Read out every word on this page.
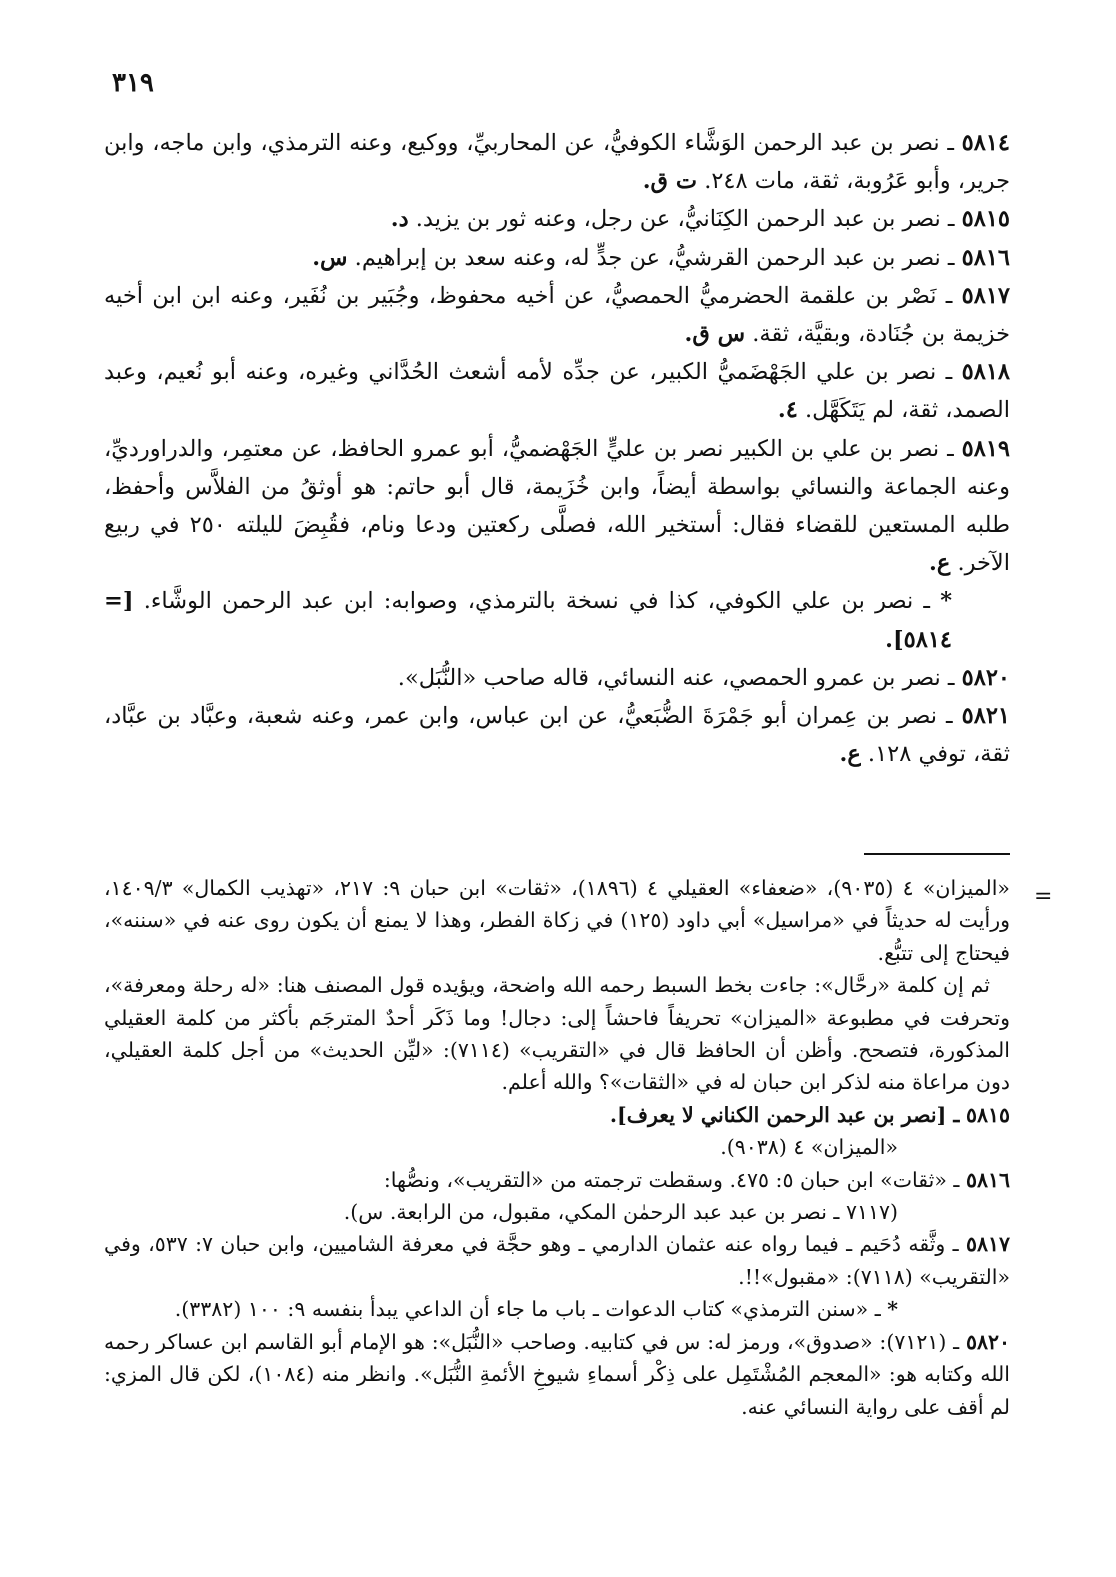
٣١٩
٥٨١٤ ـ نصر بن عبد الرحمن الوَشَّاء الكوفيُّ، عن المحاربيِّ، ووكيع، وعنه الترمذي، وابن ماجه، وابن جرير، وأبو عَرُوبة، ثقة، مات ٢٤٨. ت ق.
٥٨١٥ ـ نصر بن عبد الرحمن الكِنَانيُّ، عن رجل، وعنه ثور بن يزيد. د.
٥٨١٦ ـ نصر بن عبد الرحمن القرشيُّ، عن جدٍّ له، وعنه سعد بن إبراهيم. س.
٥٨١٧ ـ نَصْر بن علقمة الحضرميُّ الحمصيُّ، عن أخيه محفوظ، وجُبَير بن نُفَير، وعنه ابن ابن أخيه خزيمة بن جُنَادة، وبقيَّة، ثقة. س ق.
٥٨١٨ ـ نصر بن علي الجَهْضَميُّ الكبير، عن جدِّه لأمه أشعث الحُدَّاني وغيره، وعنه أبو نُعيم، وعبد الصمد، ثقة، لم يَتَكَهَّل. ٤.
٥٨١٩ ـ نصر بن علي بن الكبير نصر بن عليٍّ الجَهْضميُّ، أبو عمرو الحافظ، عن معتمِر، والدراورديِّ، وعنه الجماعة والنسائي بواسطة أيضاً، وابن خُزَيمة، قال أبو حاتم: هو أوثقُ من الفلاَّس وأحفظ، طلبه المستعين للقضاء فقال: أستخير الله، فصلَّى ركعتين ودعا ونام، فقُبِضَ لليلته ٢٥٠ في ربيع الآخر. ع.
* ـ نصر بن علي الكوفي، كذا في نسخة بالترمذي، وصوابه: ابن عبد الرحمن الوشَّاء. [= ٥٨١٤].
٥٨٢٠ ـ نصر بن عمرو الحمصي، عنه النسائي، قاله صاحب «النُّبَل».
٥٨٢١ ـ نصر بن عِمران أبو جَمْرَةَ الضُّبَعيُّ، عن ابن عباس، وابن عمر، وعنه شعبة، وعبَّاد بن عبَّاد، ثقة، توفي ١٢٨. ع.
=
«الميزان» ٤ (٩٠٣٥)، «ضعفاء» العقيلي ٤ (١٨٩٦)، «ثقات» ابن حبان ٩: ٢١٧، «تهذيب الكمال» ١٤٠٩/٣، ورأيت له حديثاً في «مراسيل» أبي داود (١٢٥) في زكاة الفطر، وهذا لا يمنع أن يكون روى عنه في «سننه»، فيحتاج إلى تتبُّع.
ثم إن كلمة «رحَّال»: جاءت بخط السبط رحمه الله واضحة، ويؤيده قول المصنف هنا: «له رحلة ومعرفة»، وتحرفت في مطبوعة «الميزان» تحريفاً فاحشاً إلى: دجال! وما ذَكَر أحدٌ المترجَم بأكثر من كلمة العقيلي المذكورة، فتصحح. وأظن أن الحافظ قال في «التقريب» (٧١١٤): «ليِّن الحديث» من أجل كلمة العقيلي، دون مراعاة منه لذكر ابن حبان له في «الثقات»؟ والله أعلم.
٥٨١٥ ـ [نصر بن عبد الرحمن الكناني لا يعرف].
«الميزان» ٤ (٩٠٣٨).
٥٨١٦ ـ «ثقات» ابن حبان ٥: ٤٧٥. وسقطت ترجمته من «التقريب»، ونصُّها:
(٧١١٧ ـ نصر بن عبد عبد الرحمٰن المكي، مقبول، من الرابعة. س).
٥٨١٧ ـ وثَّقه دُحَيم ـ فيما رواه عنه عثمان الدارمي ـ وهو حجَّة في معرفة الشاميين، وابن حبان ٧: ٥٣٧، وفي «التقريب» (٧١١٨): «مقبول»!!.
* ـ «سنن الترمذي» كتاب الدعوات ـ باب ما جاء أن الداعي يبدأ بنفسه ٩: ١٠٠ (٣٣٨٢).
٥٨٢٠ ـ (٧١٢١): «صدوق»، ورمز له: س في كتابيه. وصاحب «النُّبَل»: هو الإمام أبو القاسم ابن عساكر رحمه الله وكتابه هو: «المعجم المُشْتَمِل على ذِكْر أسماءِ شيوخِ الأئمةِ النُّبَل». وانظر منه (١٠٨٤)، لكن قال المزي: لم أقف على رواية النسائي عنه.
